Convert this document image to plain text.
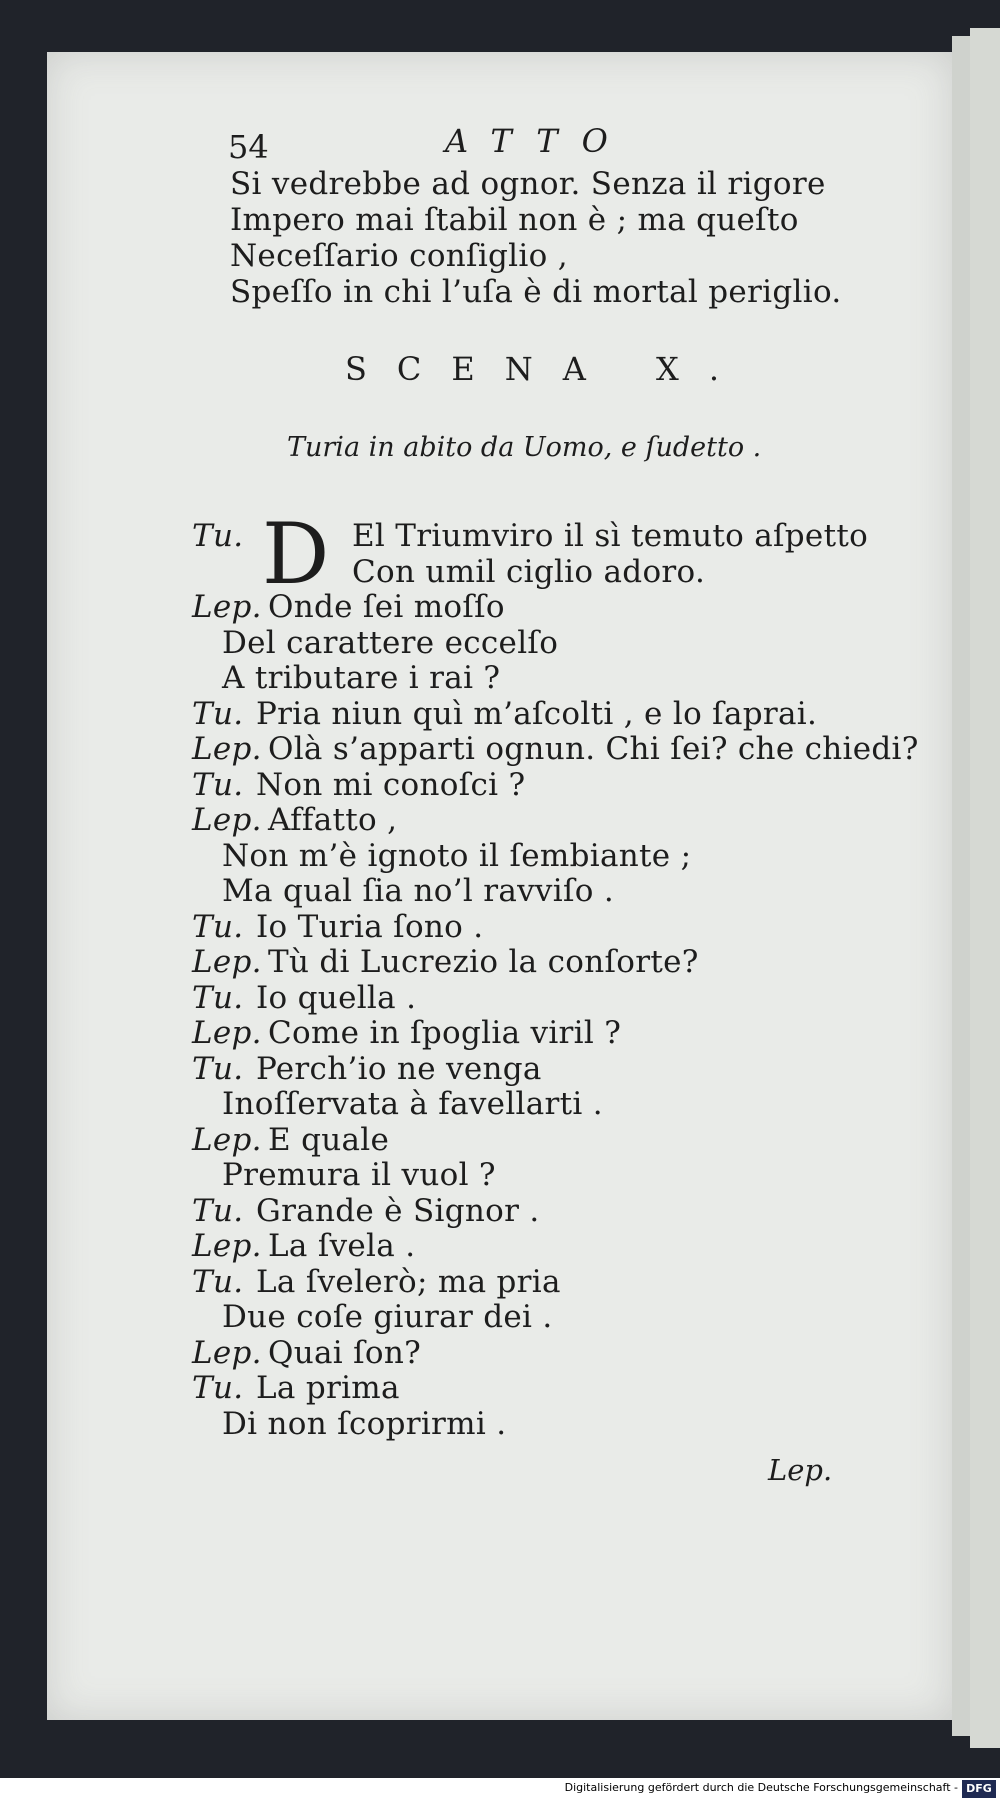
54	ATTO
Si vedrebbe ad ognor. Senza il rigore
Impero mai ſtabil non è ; ma queſto
Neceſſario conſiglio ,
Speſſo in chi l’uſa è di mortal periglio.
SCENA X.
Turia in abito da Uomo, e ſudetto .
D
Tu.	El Triumviro il sì temuto aſpetto
Con umil ciglio adoro.
Lep. Onde ſei moſſo
Del carattere eccelſo
A tributare i rai ?
Tu. Pria niun quì m’aſcolti , e lo ſaprai.
Lep. Olà s’apparti ognun. Chi ſei? che chiedi?
Tu. Non mi conoſci ?
Lep. Affatto ,
Non m’è ignoto il ſembiante ;
Ma qual ſia no’l ravviſo .
Tu. Io Turia ſono .
Lep. Tù di Lucrezio la conſorte?
Tu. Io quella .
Lep. Come in ſpoglia viril ?
Tu. Perch’io ne venga
Inoſſervata à favellarti .
Lep. E quale
Premura il vuol ?
Tu. Grande è Signor .
Lep. La ſvela .
Tu. La ſvelerò; ma pria
Due coſe giurar dei .
Lep. Quai ſon?
Tu. La prima
Di non ſcoprirmi .
Lep.
Digitalisierung gefördert durch die Deutsche Forschungsgemeinschaft - DFG
